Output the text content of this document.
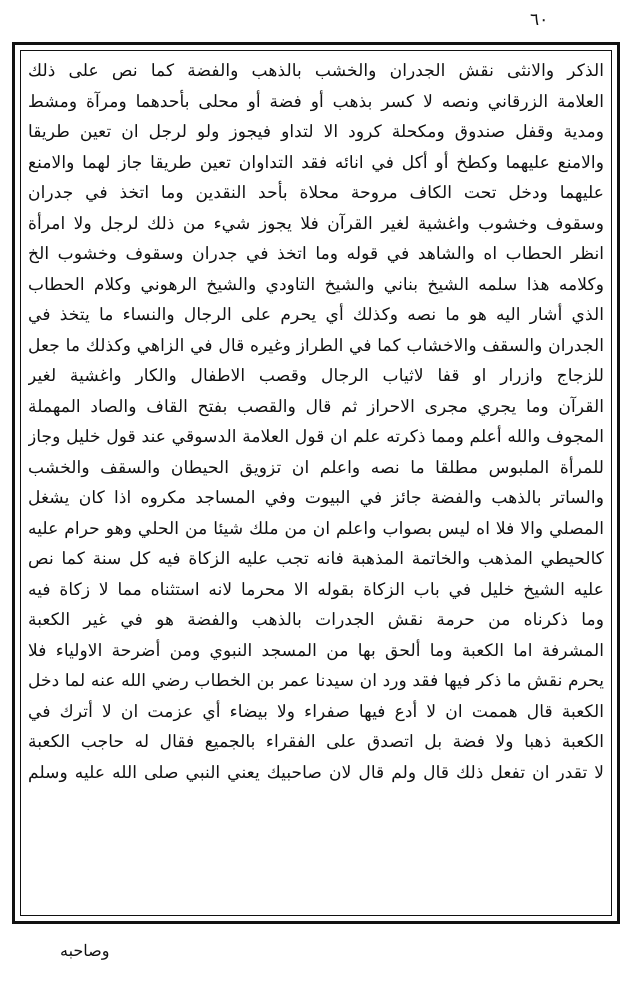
٦٠
الذكر والانثى نقش الجدران والخشب بالذهب والفضة كما نص على ذلك
العلامة الزرقاني ونصه لا كسر بذهب أو فضة أو محلى بأحدهما ومرآة ومشط
ومدية وقفل صندوق ومكحلة كرود الا لتداو فيجوز ولو لرجل ان تعين طريقا
والامنع عليهما وكطخ أو أكل في انائه فقد التداوان تعين طريقا جاز لهما والامنع
عليهما ودخل تحت الكاف مروحة محلاة بأحد النقدين وما اتخذ في جدران
وسقوف وخشوب واغشية لغير القرآن فلا يجوز شيء من ذلك لرجل ولا امرأة
انظر الحطاب اه والشاهد في قوله وما اتخذ في جدران وسقوف وخشوب الخ
وكلامه هذا سلمه الشيخ بناني والشيخ التاودي والشيخ الرهوني وكلام الحطاب
الذي أشار اليه هو ما نصه وكذلك أي يحرم على الرجال والنساء ما يتخذ في
الجدران والسقف والاخشاب كما في الطراز وغيره قال في الزاهي وكذلك ما جعل
للزجاج وازرار او قفا لاثياب الرجال وقصب الاطفال والكار واغشية لغير
القرآن وما يجري مجرى الاحراز ثم قال والقصب بفتح القاف والصاد المهملة
المجوف والله أعلم ومما ذكرته علم ان قول العلامة الدسوقي عند قول خليل وجاز
للمرأة الملبوس مطلقا ما نصه واعلم ان تزويق الحيطان والسقف والخشب
والساتر بالذهب والفضة جائز في البيوت وفي المساجد مكروه اذا كان يشغل
المصلي والا فلا اه ليس بصواب واعلم ان من ملك شيئا من الحلي وهو حرام عليه
كالحيطي المذهب والخاتمة المذهبة فانه تجب عليه الزكاة فيه كل سنة كما نص
عليه الشيخ خليل في باب الزكاة بقوله الا محرما لانه استثناه مما لا زكاة فيه
وما ذكرناه من حرمة نقش الجدرات بالذهب والفضة هو في غير الكعبة
المشرفة اما الكعبة وما ألحق بها من المسجد النبوي ومن أضرحة الاولياء فلا
يحرم نقش ما ذكر فيها فقد ورد ان سيدنا عمر بن الخطاب رضي الله عنه لما دخل
الكعبة قال هممت ان لا أدع فيها صفراء ولا بيضاء أي عزمت ان لا أترك في
الكعبة ذهبا ولا فضة بل اتصدق على الفقراء بالجميع فقال له حاجب الكعبة
لا تقدر ان تفعل ذلك قال ولم قال لان صاحبيك يعني النبي صلى الله عليه وسلم
وصاحبه
